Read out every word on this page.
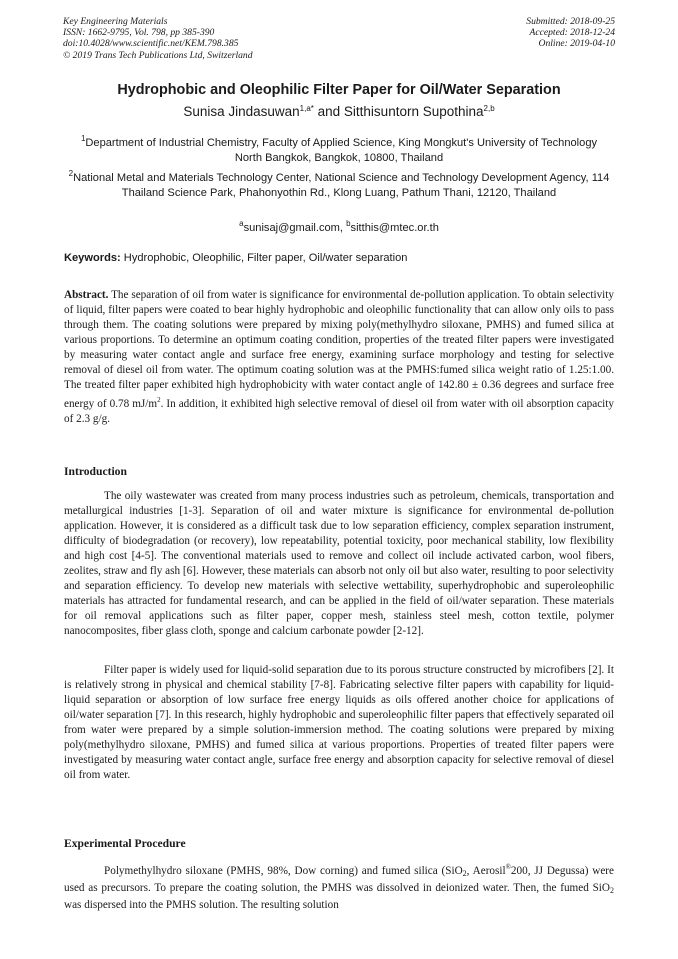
Key Engineering Materials
ISSN: 1662-9795, Vol. 798, pp 385-390
doi:10.4028/www.scientific.net/KEM.798.385
© 2019 Trans Tech Publications Ltd, Switzerland
Submitted: 2018-09-25
Accepted: 2018-12-24
Online: 2019-04-10
Hydrophobic and Oleophilic Filter Paper for Oil/Water Separation
Sunisa Jindasuwan$^{1,a*}$ and Sitthisuntorn Supothina$^{2,b}$
$^1$Department of Industrial Chemistry, Faculty of Applied Science, King Mongkut's University of Technology North Bangkok, Bangkok, 10800, Thailand
$^2$National Metal and Materials Technology Center, National Science and Technology Development Agency, 114 Thailand Science Park, Phahonyothin Rd., Klong Luang, Pathum Thani, 12120, Thailand
$^a$sunisaj@gmail.com, $^b$sitthis@mtec.or.th
Keywords: Hydrophobic, Oleophilic, Filter paper, Oil/water separation
Abstract. The separation of oil from water is significance for environmental de-pollution application. To obtain selectivity of liquid, filter papers were coated to bear highly hydrophobic and oleophilic functionality that can allow only oils to pass through them. The coating solutions were prepared by mixing poly(methylhydro siloxane, PMHS) and fumed silica at various proportions. To determine an optimum coating condition, properties of the treated filter papers were investigated by measuring water contact angle and surface free energy, examining surface morphology and testing for selective removal of diesel oil from water. The optimum coating solution was at the PMHS:fumed silica weight ratio of 1.25:1.00. The treated filter paper exhibited high hydrophobicity with water contact angle of 142.80 ± 0.36 degrees and surface free energy of 0.78 $mJ/m^2$. In addition, it exhibited high selective removal of diesel oil from water with oil absorption capacity of 2.3 g/g.
Introduction
The oily wastewater was created from many process industries such as petroleum, chemicals, transportation and metallurgical industries [1-3]. Separation of oil and water mixture is significance for environmental de-pollution application. However, it is considered as a difficult task due to low separation efficiency, complex separation instrument, difficulty of biodegradation (or recovery), low repeatability, potential toxicity, poor mechanical stability, low flexibility and high cost [4-5]. The conventional materials used to remove and collect oil include activated carbon, wool fibers, zeolites, straw and fly ash [6]. However, these materials can absorb not only oil but also water, resulting to poor selectivity and separation efficiency. To develop new materials with selective wettability, superhydrophobic and superoleophilic materials has attracted for fundamental research, and can be applied in the field of oil/water separation. These materials for oil removal applications such as filter paper, copper mesh, stainless steel mesh, cotton textile, polymer nanocomposites, fiber glass cloth, sponge and calcium carbonate powder [2-12].
Filter paper is widely used for liquid-solid separation due to its porous structure constructed by microfibers [2]. It is relatively strong in physical and chemical stability [7-8]. Fabricating selective filter papers with capability for liquid-liquid separation or absorption of low surface free energy liquids as oils offered another choice for applications of oil/water separation [7]. In this research, highly hydrophobic and superoleophilic filter papers that effectively separated oil from water were prepared by a simple solution-immersion method. The coating solutions were prepared by mixing poly(methylhydro siloxane, PMHS) and fumed silica at various proportions. Properties of treated filter papers were investigated by measuring water contact angle, surface free energy and absorption capacity for selective removal of diesel oil from water.
Experimental Procedure
Polymethylhydro siloxane (PMHS, 98%, Dow corning) and fumed silica (SiO$_2$, Aerosil®200, JJ Degussa) were used as precursors. To prepare the coating solution, the PMHS was dissolved in deionized water. Then, the fumed SiO$_2$ was dispersed into the PMHS solution. The resulting solution
